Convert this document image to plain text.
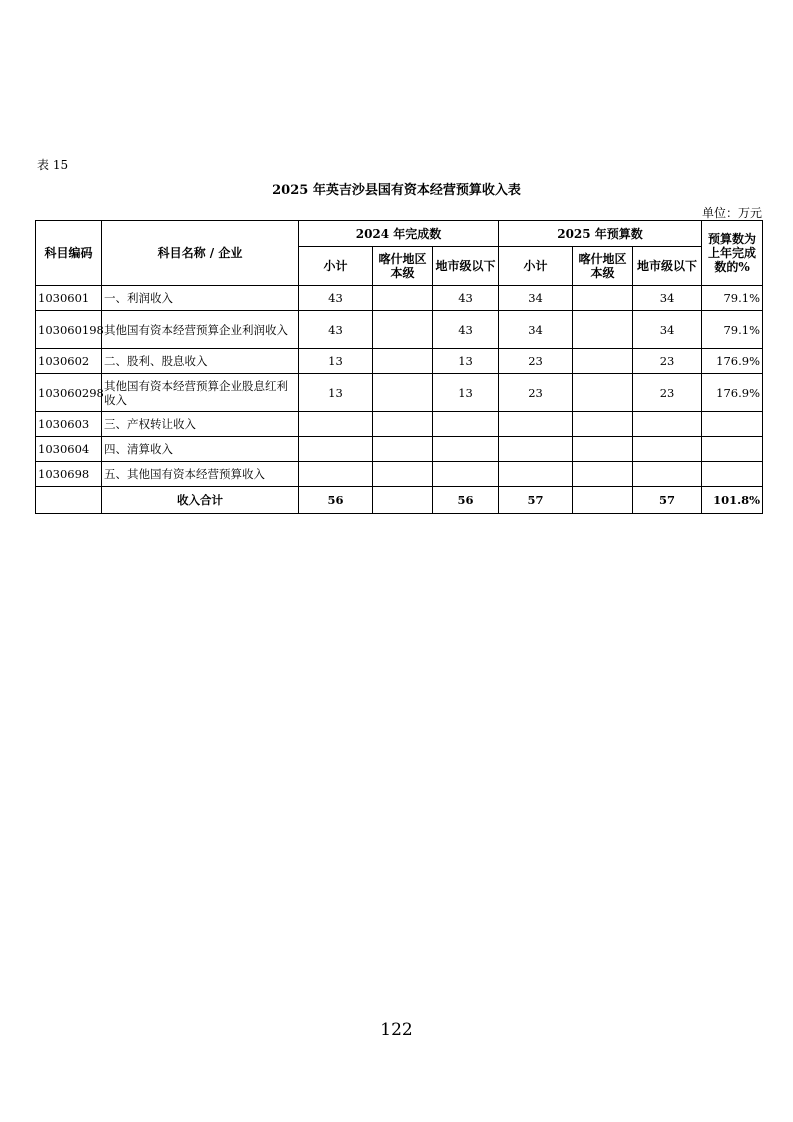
表 15
2025 年英吉沙县国有资本经营预算收入表
单位：万元
科目编码	科目名称 / 企业	2024 年完成数			2025 年预算数			预算数为上年完成数的%
		小计	喀什地区本级	地市级以下	小计	喀什地区本级	地市级以下	
1030601	一、利润收入	43		43	34		34	79.1%
103060198	其他国有资本经营预算企业利润收入	43		43	34		34	79.1%
1030602	二、股利、股息收入	13		13	23		23	176.9%
103060298	其他国有资本经营预算企业股息红利收入	13		13	23		23	176.9%
1030603	三、产权转让收入							
1030604	四、清算收入							
1030698	五、其他国有资本经营预算收入							
	收入合计	56		56	57		57	101.8%
122
